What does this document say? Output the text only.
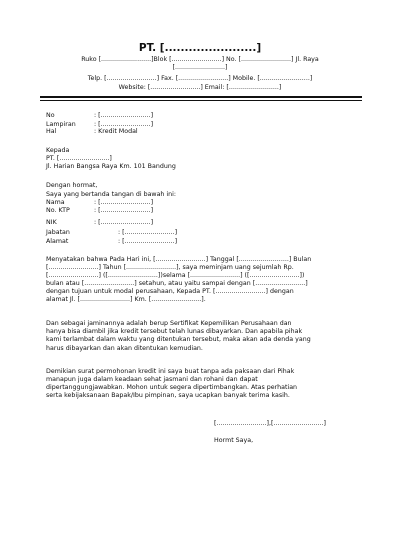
PT. [.......................]
Ruko [.........................]Blok [.........................] No. [.........................] Jl. Raya
[.........................]
Telp. [.........................] Fax. [.........................] Mobile. [.........................]
Website: [.........................] Email: [.........................]
No	: [.........................]
Lampiran	: [.........................]
Hal	: Kredit Modal
Kepada
PT. [.........................]
Jl. Harian Bangsa Raya Km. 101 Bandung
Dengan hormat,
Saya yang bertanda tangan di bawah ini:
Nama	: [.........................]
No. KTP	: [.........................]
NIK	: [.........................]
Jabatan	: [.........................]
Alamat	: [.........................]
Menyatakan bahwa Pada Hari ini, [.........................] Tanggal [.........................] Bulan
[.........................] Tahun [.........................], saya meminjam uang sejumlah Rp.
[.........................] ([.........................])selama [.........................] ([.........................])
bulan atau [.........................] setahun, atau yaitu sampai dengan [.........................]
dengan tujuan untuk modal perusahaan, Kepada PT. [.........................] dengan
alamat Jl. [.........................] Km. [.........................].
Dan sebagai jaminannya adalah berup Sertifikat Kepemilikan Perusahaan dan
hanya bisa diambil jika kredit tersebut telah lunas dibayarkan. Dan apabila pihak
kami terlambat dalam waktu yang ditentukan tersebut, maka akan ada denda yang
harus dibayarkan dan akan ditentukan kemudian.
Demikian surat permohonan kredit ini saya buat tanpa ada paksaan dari Pihak
manapun juga dalam keadaan sehat jasmani dan rohani dan dapat
dipertanggungjawabkan. Mohon untuk segera dipertimbangkan. Atas perhatian
serta kebijaksanaan Bapak/Ibu pimpinan, saya ucapkan banyak terima kasih.
[.........................],[.........................]
Hormt Saya,
